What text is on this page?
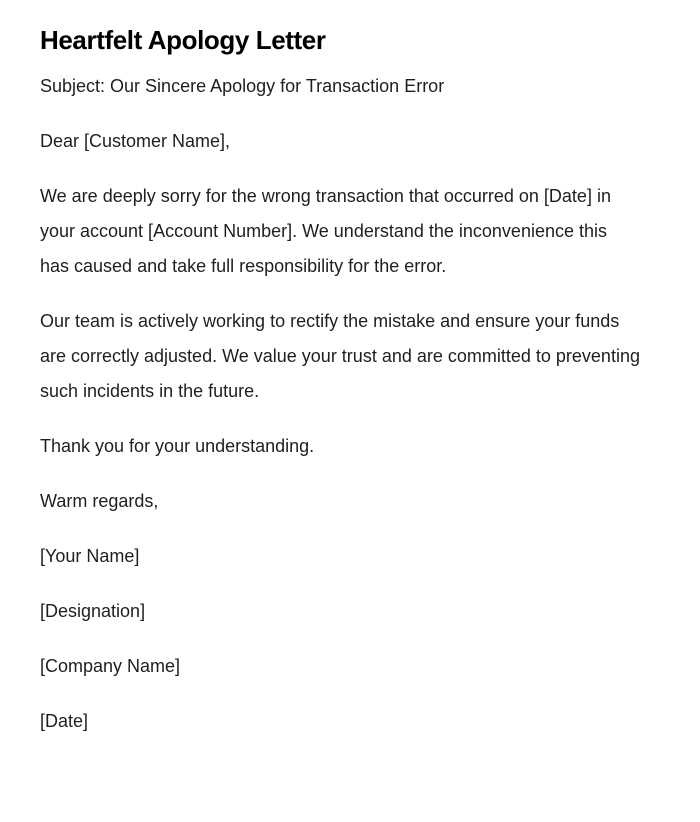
Heartfelt Apology Letter

Subject: Our Sincere Apology for Transaction Error

Dear [Customer Name],

We are deeply sorry for the wrong transaction that occurred on [Date] in your account [Account Number]. We understand the inconvenience this has caused and take full responsibility for the error.

Our team is actively working to rectify the mistake and ensure your funds are correctly adjusted. We value your trust and are committed to preventing such incidents in the future.

Thank you for your understanding.

Warm regards,

[Your Name]

[Designation]

[Company Name]

[Date]
